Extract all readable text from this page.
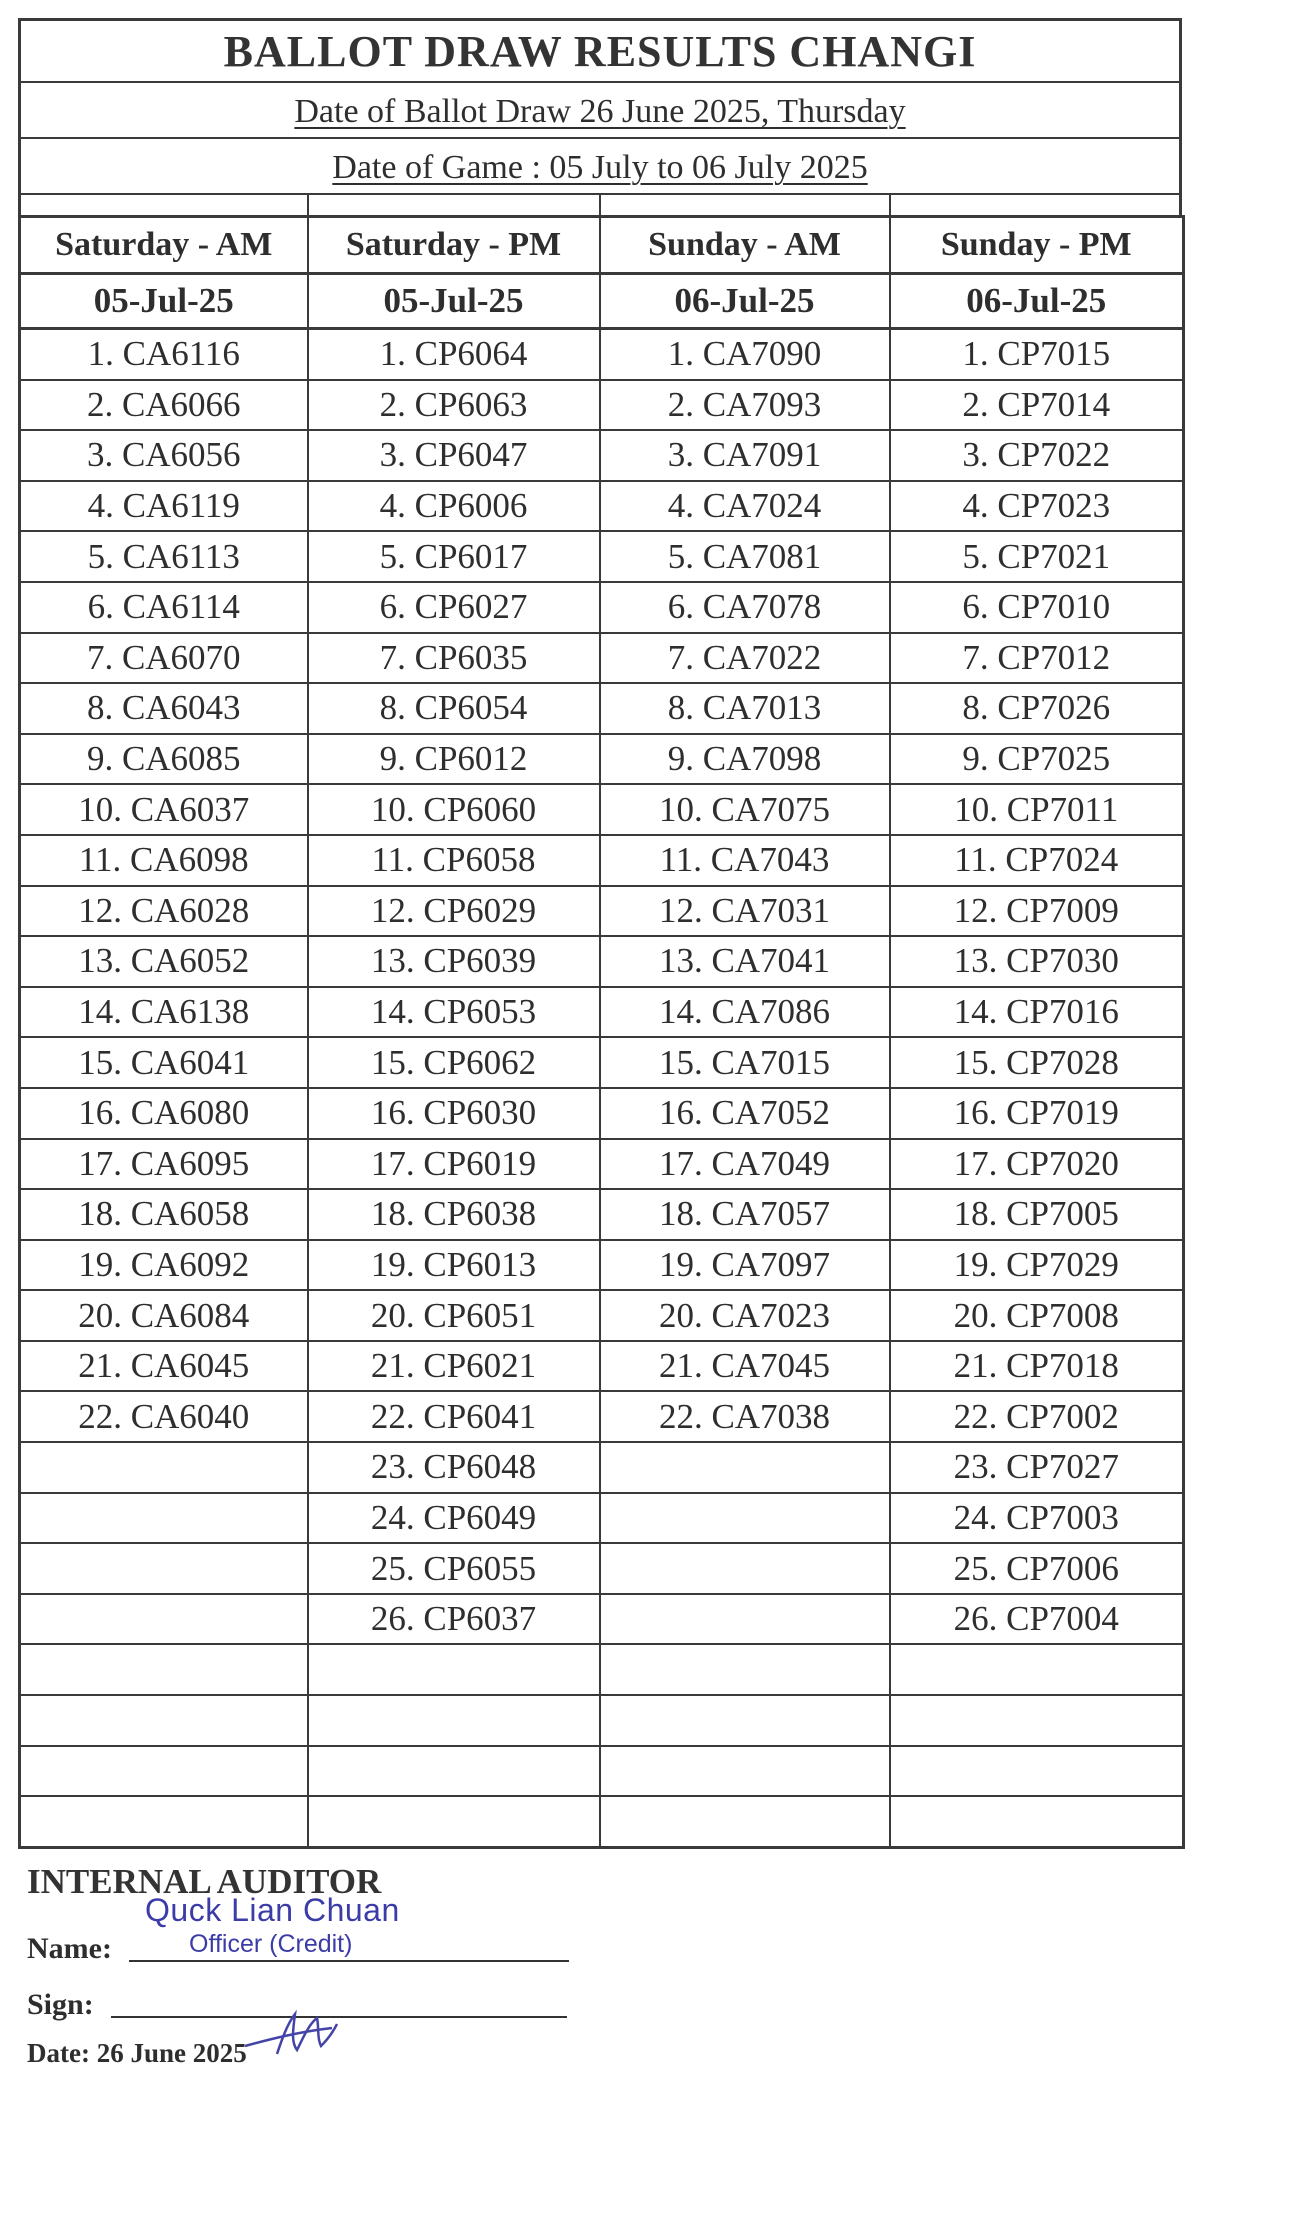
BALLOT DRAW RESULTS CHANGI
Date of Ballot Draw 26 June 2025, Thursday
Date of Game : 05 July to 06 July 2025
Saturday - AM	Saturday - PM	Sunday - AM	Sunday - PM
05-Jul-25	05-Jul-25	06-Jul-25	06-Jul-25
1. CA6116	1. CP6064	1. CA7090	1. CP7015
2. CA6066	2. CP6063	2. CA7093	2. CP7014
3. CA6056	3. CP6047	3. CA7091	3. CP7022
4. CA6119	4. CP6006	4. CA7024	4. CP7023
5. CA6113	5. CP6017	5. CA7081	5. CP7021
6. CA6114	6. CP6027	6. CA7078	6. CP7010
7. CA6070	7. CP6035	7. CA7022	7. CP7012
8. CA6043	8. CP6054	8. CA7013	8. CP7026
9. CA6085	9. CP6012	9. CA7098	9. CP7025
10. CA6037	10. CP6060	10. CA7075	10. CP7011
11. CA6098	11. CP6058	11. CA7043	11. CP7024
12. CA6028	12. CP6029	12. CA7031	12. CP7009
13. CA6052	13. CP6039	13. CA7041	13. CP7030
14. CA6138	14. CP6053	14. CA7086	14. CP7016
15. CA6041	15. CP6062	15. CA7015	15. CP7028
16. CA6080	16. CP6030	16. CA7052	16. CP7019
17. CA6095	17. CP6019	17. CA7049	17. CP7020
18. CA6058	18. CP6038	18. CA7057	18. CP7005
19. CA6092	19. CP6013	19. CA7097	19. CP7029
20. CA6084	20. CP6051	20. CA7023	20. CP7008
21. CA6045	21. CP6021	21. CA7045	21. CP7018
22. CA6040	22. CP6041	22. CA7038	22. CP7002
	23. CP6048		23. CP7027
	24. CP6049		24. CP7003
	25. CP6055		25. CP7006
	26. CP6037		26. CP7004

INTERNAL AUDITOR
Quck Lian Chuan
Officer (Credit)
Name:
Sign:
Date: 26 June 2025
